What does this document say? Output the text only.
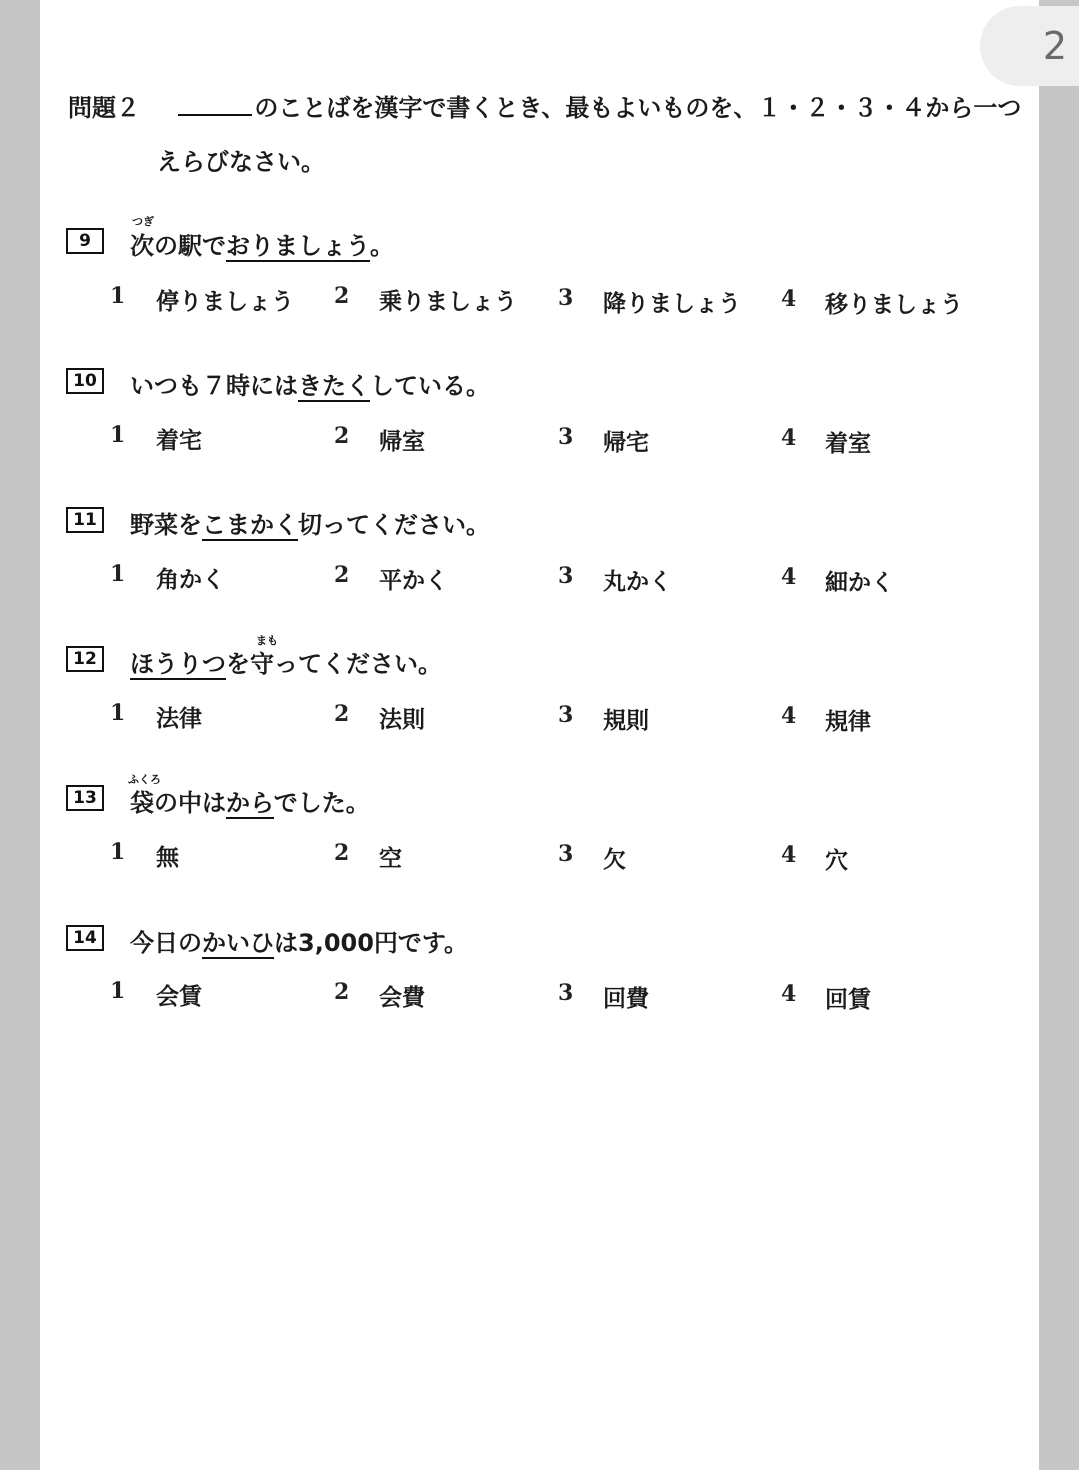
問題２	のことばを漢字で書くとき、最もよいものを、１・２・３・４から一つ
えらびなさい。
9
つぎ
次の駅でおりましょう。
1 停りましょう 2 乗りましょう 3 降りましょう 4 移りましょう
10 いつも７時にはきたくしている。
1 着宅	2 帰室	3 帰宅	4 着室
11 野菜をこまかく切ってください。
1 角かく	2 平かく	3 丸かく	4 細かく
12
まも
ほうりつを守ってください。
1 法律	2 法則	3 規則	4 規律
13
ふくろ
袋の中はからでした。
1 無	2 空	3 欠	4 穴
14 今日のかいひは3,000円です。
1 会賃	2 会費	3 回費	4 回賃
2
